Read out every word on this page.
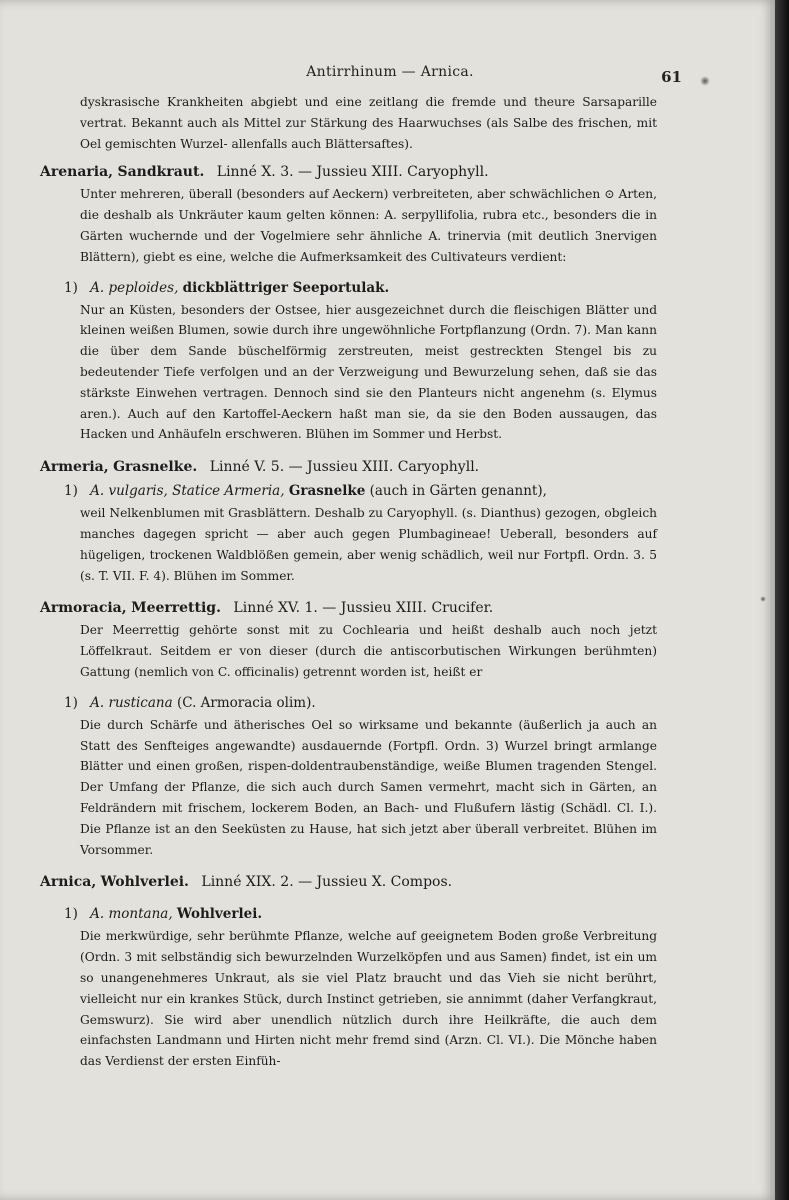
Antirrhinum — Arnica.	61

dyskrasische Krankheiten abgiebt und eine zeitlang die fremde und theure Sarsaparille vertrat. Bekannt auch als Mittel zur Stärkung des Haarwuchses (als Salbe des frischen, mit Oel gemischten Wurzel- allenfalls auch Blättersaftes).

Arenaria, Sandkraut. Linné X. 3. — Jussieu XIII. Caryophyll.

Unter mehreren, überall (besonders auf Aeckern) verbreiteten, aber schwächlichen ⊙ Arten, die deshalb als Unkräuter kaum gelten können: A. serpyllifolia, rubra etc., besonders die in Gärten wuchernde und der Vogelmiere sehr ähnliche A. trinervia (mit deutlich 3nervigen Blättern), giebt es eine, welche die Aufmerksamkeit des Cultivateurs verdient:

1) A. peploides, dickblättriger Seeportulak.

Nur an Küsten, besonders der Ostsee, hier ausgezeichnet durch die fleischigen Blätter und kleinen weißen Blumen, sowie durch ihre ungewöhnliche Fortpflanzung (Ordn. 7). Man kann die über dem Sande büschelförmig zerstreuten, meist gestreckten Stengel bis zu bedeutender Tiefe verfolgen und an der Verzweigung und Bewurzelung sehen, daß sie das stärkste Einwehen vertragen. Dennoch sind sie den Planteurs nicht angenehm (s. Elymus aren.). Auch auf den Kartoffel-Aeckern haßt man sie, da sie den Boden aussaugen, das Hacken und Anhäufeln erschweren. Blühen im Sommer und Herbst.

Armeria, Grasnelke. Linné V. 5. — Jussieu XIII. Caryophyll.
1) A. vulgaris, Statice Armeria, Grasnelke (auch in Gärten genannt),

weil Nelkenblumen mit Grasblättern. Deshalb zu Caryophyll. (s. Dianthus) gezogen, obgleich manches dagegen spricht — aber auch gegen Plumbagineae! Ueberall, besonders auf hügeligen, trockenen Waldblößen gemein, aber wenig schädlich, weil nur Fortpfl. Ordn. 3. 5 (s. T. VII. F. 4). Blühen im Sommer.

Armoracia, Meerrettig. Linné XV. 1. — Jussieu XIII. Crucifer.

Der Meerrettig gehörte sonst mit zu Cochlearia und heißt deshalb auch noch jetzt Löffelkraut. Seitdem er von dieser (durch die antiscorbutischen Wirkungen berühmten) Gattung (nemlich von C. officinalis) getrennt worden ist, heißt er

1) A. rusticana (C. Armoracia olim).

Die durch Schärfe und ätherisches Oel so wirksame und bekannte (äußerlich ja auch an Statt des Senfteiges angewandte) ausdauernde (Fortpfl. Ordn. 3) Wurzel bringt armlange Blätter und einen großen, rispen-doldentraubenständige, weiße Blumen tragenden Stengel. Der Umfang der Pflanze, die sich auch durch Samen vermehrt, macht sich in Gärten, an Feldrändern mit frischem, lockerem Boden, an Bach- und Flußufern lästig (Schädl. Cl. I.). Die Pflanze ist an den Seeküsten zu Hause, hat sich jetzt aber überall verbreitet. Blühen im Vorsommer.

Arnica, Wohlverlei. Linné XIX. 2. — Jussieu X. Compos.
1) A. montana, Wohlverlei.

Die merkwürdige, sehr berühmte Pflanze, welche auf geeignetem Boden große Verbreitung (Ordn. 3 mit selbständig sich bewurzelnden Wurzelköpfen und aus Samen) findet, ist ein um so unangenehmeres Unkraut, als sie viel Platz braucht und das Vieh sie nicht berührt, vielleicht nur ein krankes Stück, durch Instinct getrieben, sie annimmt (daher Verfangkraut, Gemswurz). Sie wird aber unendlich nützlich durch ihre Heilkräfte, die auch dem einfachsten Landmann und Hirten nicht mehr fremd sind (Arzn. Cl. VI.). Die Mönche haben das Verdienst der ersten Einfüh-
